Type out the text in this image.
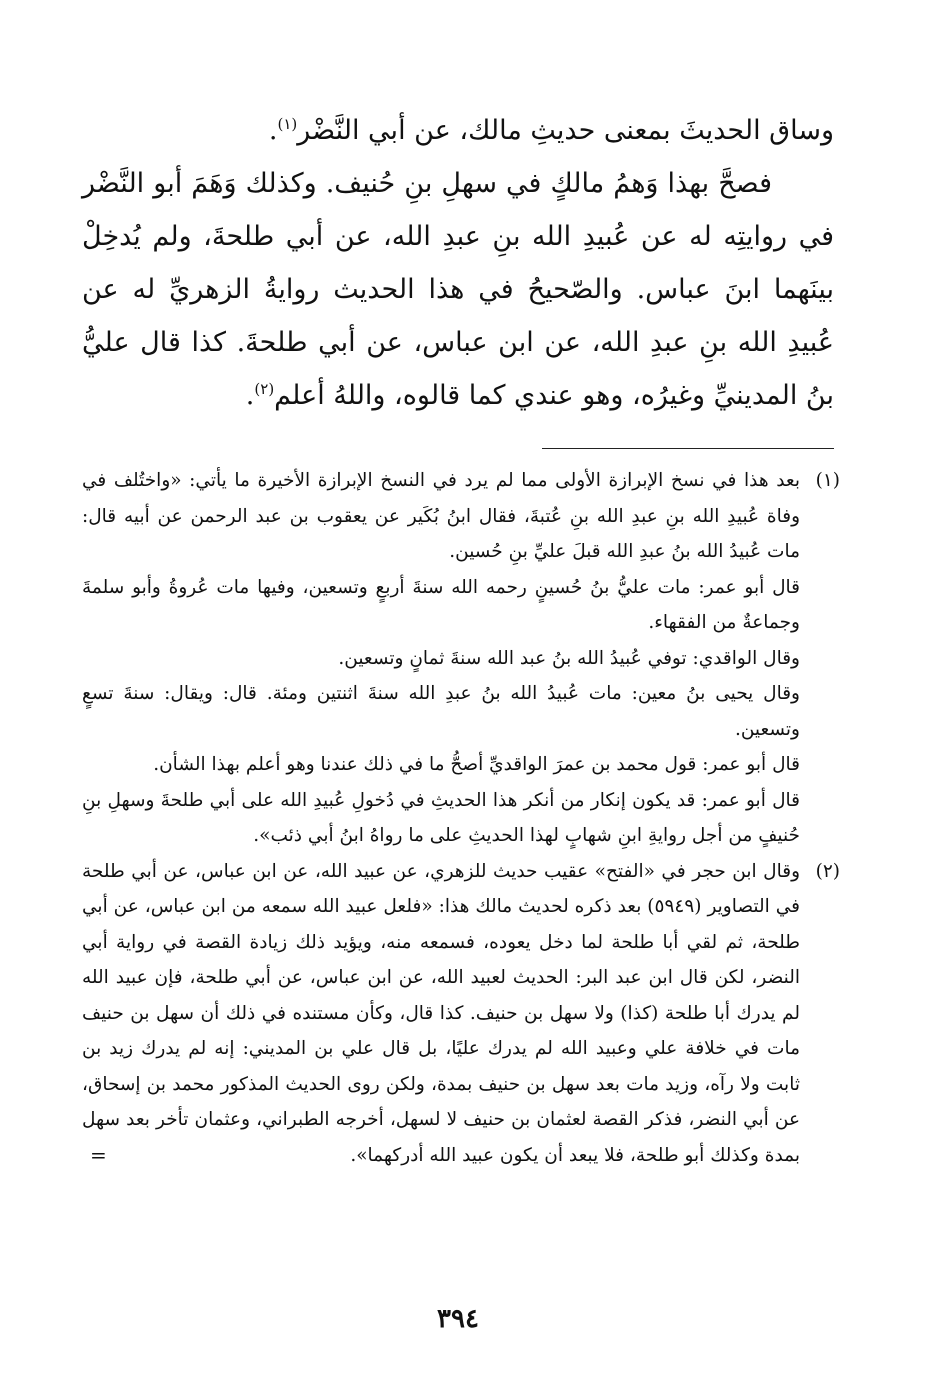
وساق الحديثَ بمعنى حديثِ مالك، عن أبي النَّضْر$^{(١)}$.

فصحَّ بهذا وَهمُ مالكٍ في سهلِ بنِ حُنيف. وكذلك وَهَمَ أبو النَّضْر في روايتِه له عن عُبيدِ الله بنِ عبدِ الله، عن أبي طلحةَ، ولم يُدخِلْ بينَهما ابنَ عباس. والصّحيحُ في هذا الحديث روايةُ الزهريِّ له عن عُبيدِ الله بنِ عبدِ الله، عن ابن عباس، عن أبي طلحةَ. كذا قال عليُّ بنُ المدينيِّ وغيرُه، وهو عندي كما قالوه، واللهُ أعلم$^{(٢)}$.

(١)
بعد هذا في نسخ الإبرازة الأولى مما لم يرد في النسخ الإبرازة الأخيرة ما يأتي: «واختُلف في وفاة عُبيدِ الله بنِ عبدِ الله بنِ عُتبةَ، فقال ابنُ بُكَير عن يعقوب بن عبد الرحمن عن أبيه قال: مات عُبيدُ الله بنُ عبدِ الله قبلَ عليِّ بنِ حُسين.
قال أبو عمر: مات عليُّ بنُ حُسينٍ رحمه الله سنةَ أربعٍ وتسعين، وفيها مات عُروةُ وأبو سلمةَ وجماعةٌ من الفقهاء.
وقال الواقدي: توفي عُبيدُ الله بنُ عبد الله سنةَ ثمانٍ وتسعين.
وقال يحيى بنُ معين: مات عُبيدُ الله بنُ عبدِ الله سنةَ اثنتين ومئة. قال: ويقال: سنةَ تسعٍ وتسعين.
قال أبو عمر: قول محمد بن عمرَ الواقديِّ أصحُّ ما في ذلك عندنا وهو أعلم بهذا الشأن.
قال أبو عمر: قد يكون إنكار من أنكر هذا الحديثِ في دُخولِ عُبيدِ الله على أبي طلحةَ وسهلِ بنِ حُنيفٍ من أجل روايةِ ابنِ شهابٍ لهذا الحديثِ على ما رواهُ ابنُ أبي ذئب».
(٢)
وقال ابن حجر في «الفتح» عقيب حديث للزهري، عن عبيد الله، عن ابن عباس، عن أبي طلحة في التصاوير (٥٩٤٩) بعد ذكره لحديث مالك هذا: «فلعل عبيد الله سمعه من ابن عباس، عن أبي طلحة، ثم لقي أبا طلحة لما دخل يعوده، فسمعه منه، ويؤيد ذلك زيادة القصة في رواية أبي النضر، لكن قال ابن عبد البر: الحديث لعبيد الله، عن ابن عباس، عن أبي طلحة، فإن عبيد الله لم يدرك أبا طلحة (كذا) ولا سهل بن حنيف. كذا قال، وكأن مستنده في ذلك أن سهل بن حنيف مات في خلافة علي وعبيد الله لم يدرك عليًا، بل قال علي بن المديني: إنه لم يدرك زيد بن ثابت ولا رآه، وزيد مات بعد سهل بن حنيف بمدة، ولكن روى الحديث المذكور محمد بن إسحاق، عن أبي النضر، فذكر القصة لعثمان بن حنيف لا لسهل، أخرجه الطبراني، وعثمان تأخر بعد سهل بمدة وكذلك أبو طلحة، فلا يبعد أن يكون عبيد الله أدركهما».
=
٣٩٤
